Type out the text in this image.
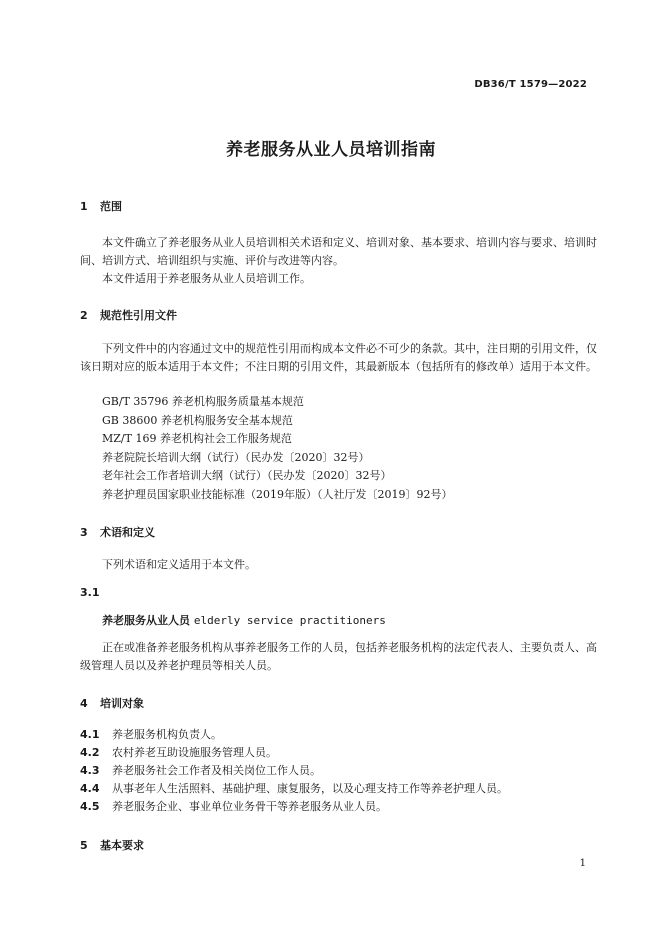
DB36/T 1579—2022
养老服务从业人员培训指南
1 范围

本文件确立了养老服务从业人员培训相关术语和定义、培训对象、基本要求、培训内容与要求、培训时间、培训方式、培训组织与实施、评价与改进等内容。

本文件适用于养老服务从业人员培训工作。

2 规范性引用文件

下列文件中的内容通过文中的规范性引用而构成本文件必不可少的条款。其中，注日期的引用文件，仅该日期对应的版本适用于本文件；不注日期的引用文件，其最新版本（包括所有的修改单）适用于本文件。

GB/T 35796 养老机构服务质量基本规范

GB 38600 养老机构服务安全基本规范

MZ/T 169 养老机构社会工作服务规范

养老院院长培训大纲（试行）（民办发〔2020〕32号）

老年社会工作者培训大纲（试行）（民办发〔2020〕32号）

养老护理员国家职业技能标准（2019年版）（人社厅发〔2019〕92号）

3 术语和定义

下列术语和定义适用于本文件。

3.1
养老服务从业人员 elderly service practitioners

正在或准备养老服务机构从事养老服务工作的人员，包括养老服务机构的法定代表人、主要负责人、高级管理人员以及养老护理员等相关人员。

4 培训对象

4.1 养老服务机构负责人。

4.2 农村养老互助设施服务管理人员。

4.3 养老服务社会工作者及相关岗位工作人员。

4.4 从事老年人生活照料、基础护理、康复服务，以及心理支持工作等养老护理人员。

4.5 养老服务企业、事业单位业务骨干等养老服务从业人员。

5 基本要求
1
